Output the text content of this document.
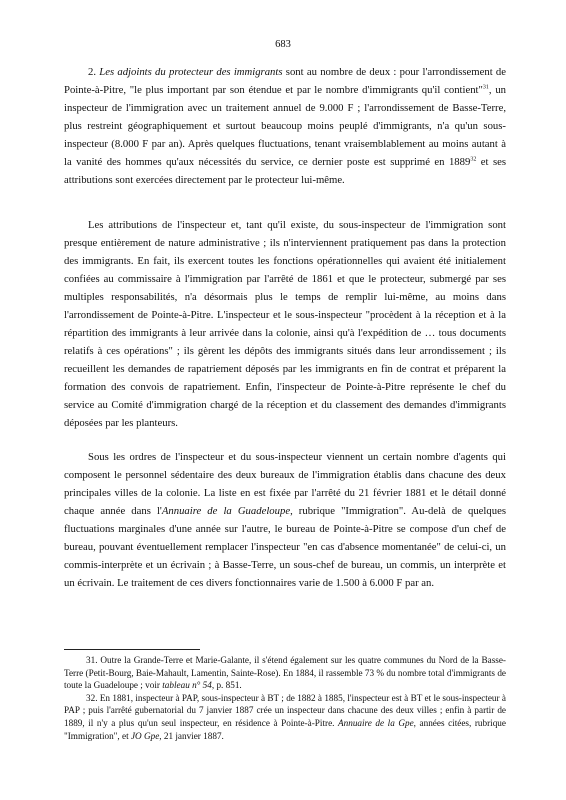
683

2. Les adjoints du protecteur des immigrants sont au nombre de deux : pour l'arrondissement de Pointe-à-Pitre, "le plus important par son étendue et par le nombre d'immigrants qu'il contient"$^{31}$, un inspecteur de l'immigration avec un traitement annuel de 9.000 F ; l'arrondissement de Basse-Terre, plus restreint géographiquement et surtout beaucoup moins peuplé d'immigrants, n'a qu'un sous-inspecteur (8.000 F par an). Après quelques fluctuations, tenant vraisemblablement au moins autant à la vanité des hommes qu'aux nécessités du service, ce dernier poste est supprimé en 1889$^{32}$ et ses attributions sont exercées directement par le protecteur lui-même.

Les attributions de l'inspecteur et, tant qu'il existe, du sous-inspecteur de l'immigration sont presque entièrement de nature administrative ; ils n'interviennent pratiquement pas dans la protection des immigrants. En fait, ils exercent toutes les fonctions opérationnelles qui avaient été initialement confiées au commissaire à l'immigration par l'arrêté de 1861 et que le protecteur, submergé par ses multiples responsabilités, n'a désormais plus le temps de remplir lui-même, au moins dans l'arrondissement de Pointe-à-Pitre. L'inspecteur et le sous-inspecteur "procèdent à la réception et à la répartition des immigrants à leur arrivée dans la colonie, ainsi qu'à l'expédition de … tous documents relatifs à ces opérations" ; ils gèrent les dépôts des immigrants situés dans leur arrondissement ; ils recueillent les demandes de rapatriement déposés par les immigrants en fin de contrat et préparent la formation des convois de rapatriement. Enfin, l'inspecteur de Pointe-à-Pitre représente le chef du service au Comité d'immigration chargé de la réception et du classement des demandes d'immigrants déposées par les planteurs.

Sous les ordres de l'inspecteur et du sous-inspecteur viennent un certain nombre d'agents qui composent le personnel sédentaire des deux bureaux de l'immigration établis dans chacune des deux principales villes de la colonie. La liste en est fixée par l'arrêté du 21 février 1881 et le détail donné chaque année dans l'Annuaire de la Guadeloupe, rubrique "Immigration". Au-delà de quelques fluctuations marginales d'une année sur l'autre, le bureau de Pointe-à-Pitre se compose d'un chef de bureau, pouvant éventuellement remplacer l'inspecteur "en cas d'absence momentanée" de celui-ci, un commis-interprète et un écrivain ; à Basse-Terre, un sous-chef de bureau, un commis, un interprète et un écrivain. Le traitement de ces divers fonctionnaires varie de 1.500 à 6.000 F par an.

31. Outre la Grande-Terre et Marie-Galante, il s'étend également sur les quatre communes du Nord de la Basse-Terre (Petit-Bourg, Baie-Mahault, Lamentin, Sainte-Rose). En 1884, il rassemble 73 % du nombre total d'immigrants de toute la Guadeloupe ; voir tableau n° 54, p. 851.

32. En 1881, inspecteur à PAP, sous-inspecteur à BT ; de 1882 à 1885, l'inspecteur est à BT et le sous-inspecteur à PAP ; puis l'arrêté gubernatorial du 7 janvier 1887 crée un inspecteur dans chacune des deux villes ; enfin à partir de 1889, il n'y a plus qu'un seul inspecteur, en résidence à Pointe-à-Pitre. Annuaire de la Gpe, années citées, rubrique "Immigration", et JO Gpe, 21 janvier 1887.
